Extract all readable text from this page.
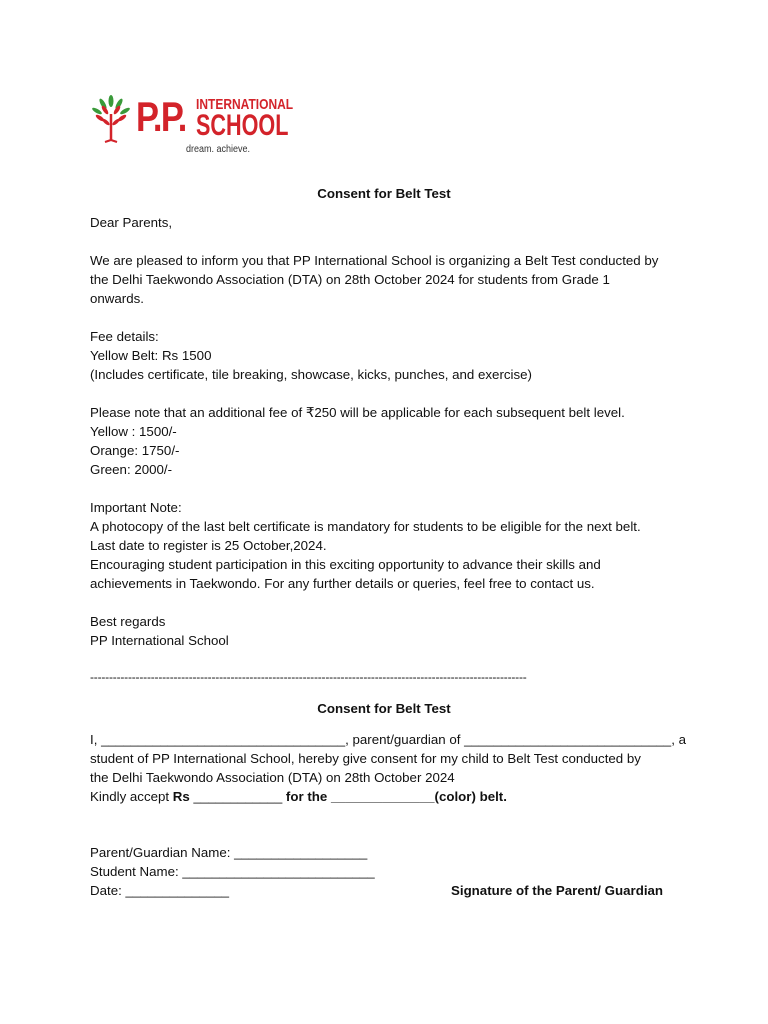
P.P. INTERNATIONAL
SCHOOL
dream. achieve.
Consent for Belt Test
Dear Parents,
We are pleased to inform you that PP International School is organizing a Belt Test conducted by
the Delhi Taekwondo Association (DTA) on 28th October 2024 for students from Grade 1
onwards.
Fee details:
Yellow Belt: Rs 1500
(Includes certificate, tile breaking, showcase, kicks, punches, and exercise)
Please note that an additional fee of ₹250 will be applicable for each subsequent belt level.
Yellow : 1500/-
Orange: 1750/-
Green: 2000/-
Important Note:
A photocopy of the last belt certificate is mandatory for students to be eligible for the next belt.
Last date to register is 25 October,2024.
Encouraging student participation in this exciting opportunity to advance their skills and
achievements in Taekwondo. For any further details or queries, feel free to contact us.
Best regards
PP International School
-------------------------------------------------------------------------------------------------------------------
Consent for Belt Test
I, _________________________________, parent/guardian of ____________________________, a
student of PP International School, hereby give consent for my child to Belt Test conducted by
the Delhi Taekwondo Association (DTA) on 28th October 2024
Kindly accept Rs ____________ for the ______________(color) belt.
Parent/Guardian Name: __________________
Student Name: __________________________
Date: ______________	Signature of the Parent/ Guardian
